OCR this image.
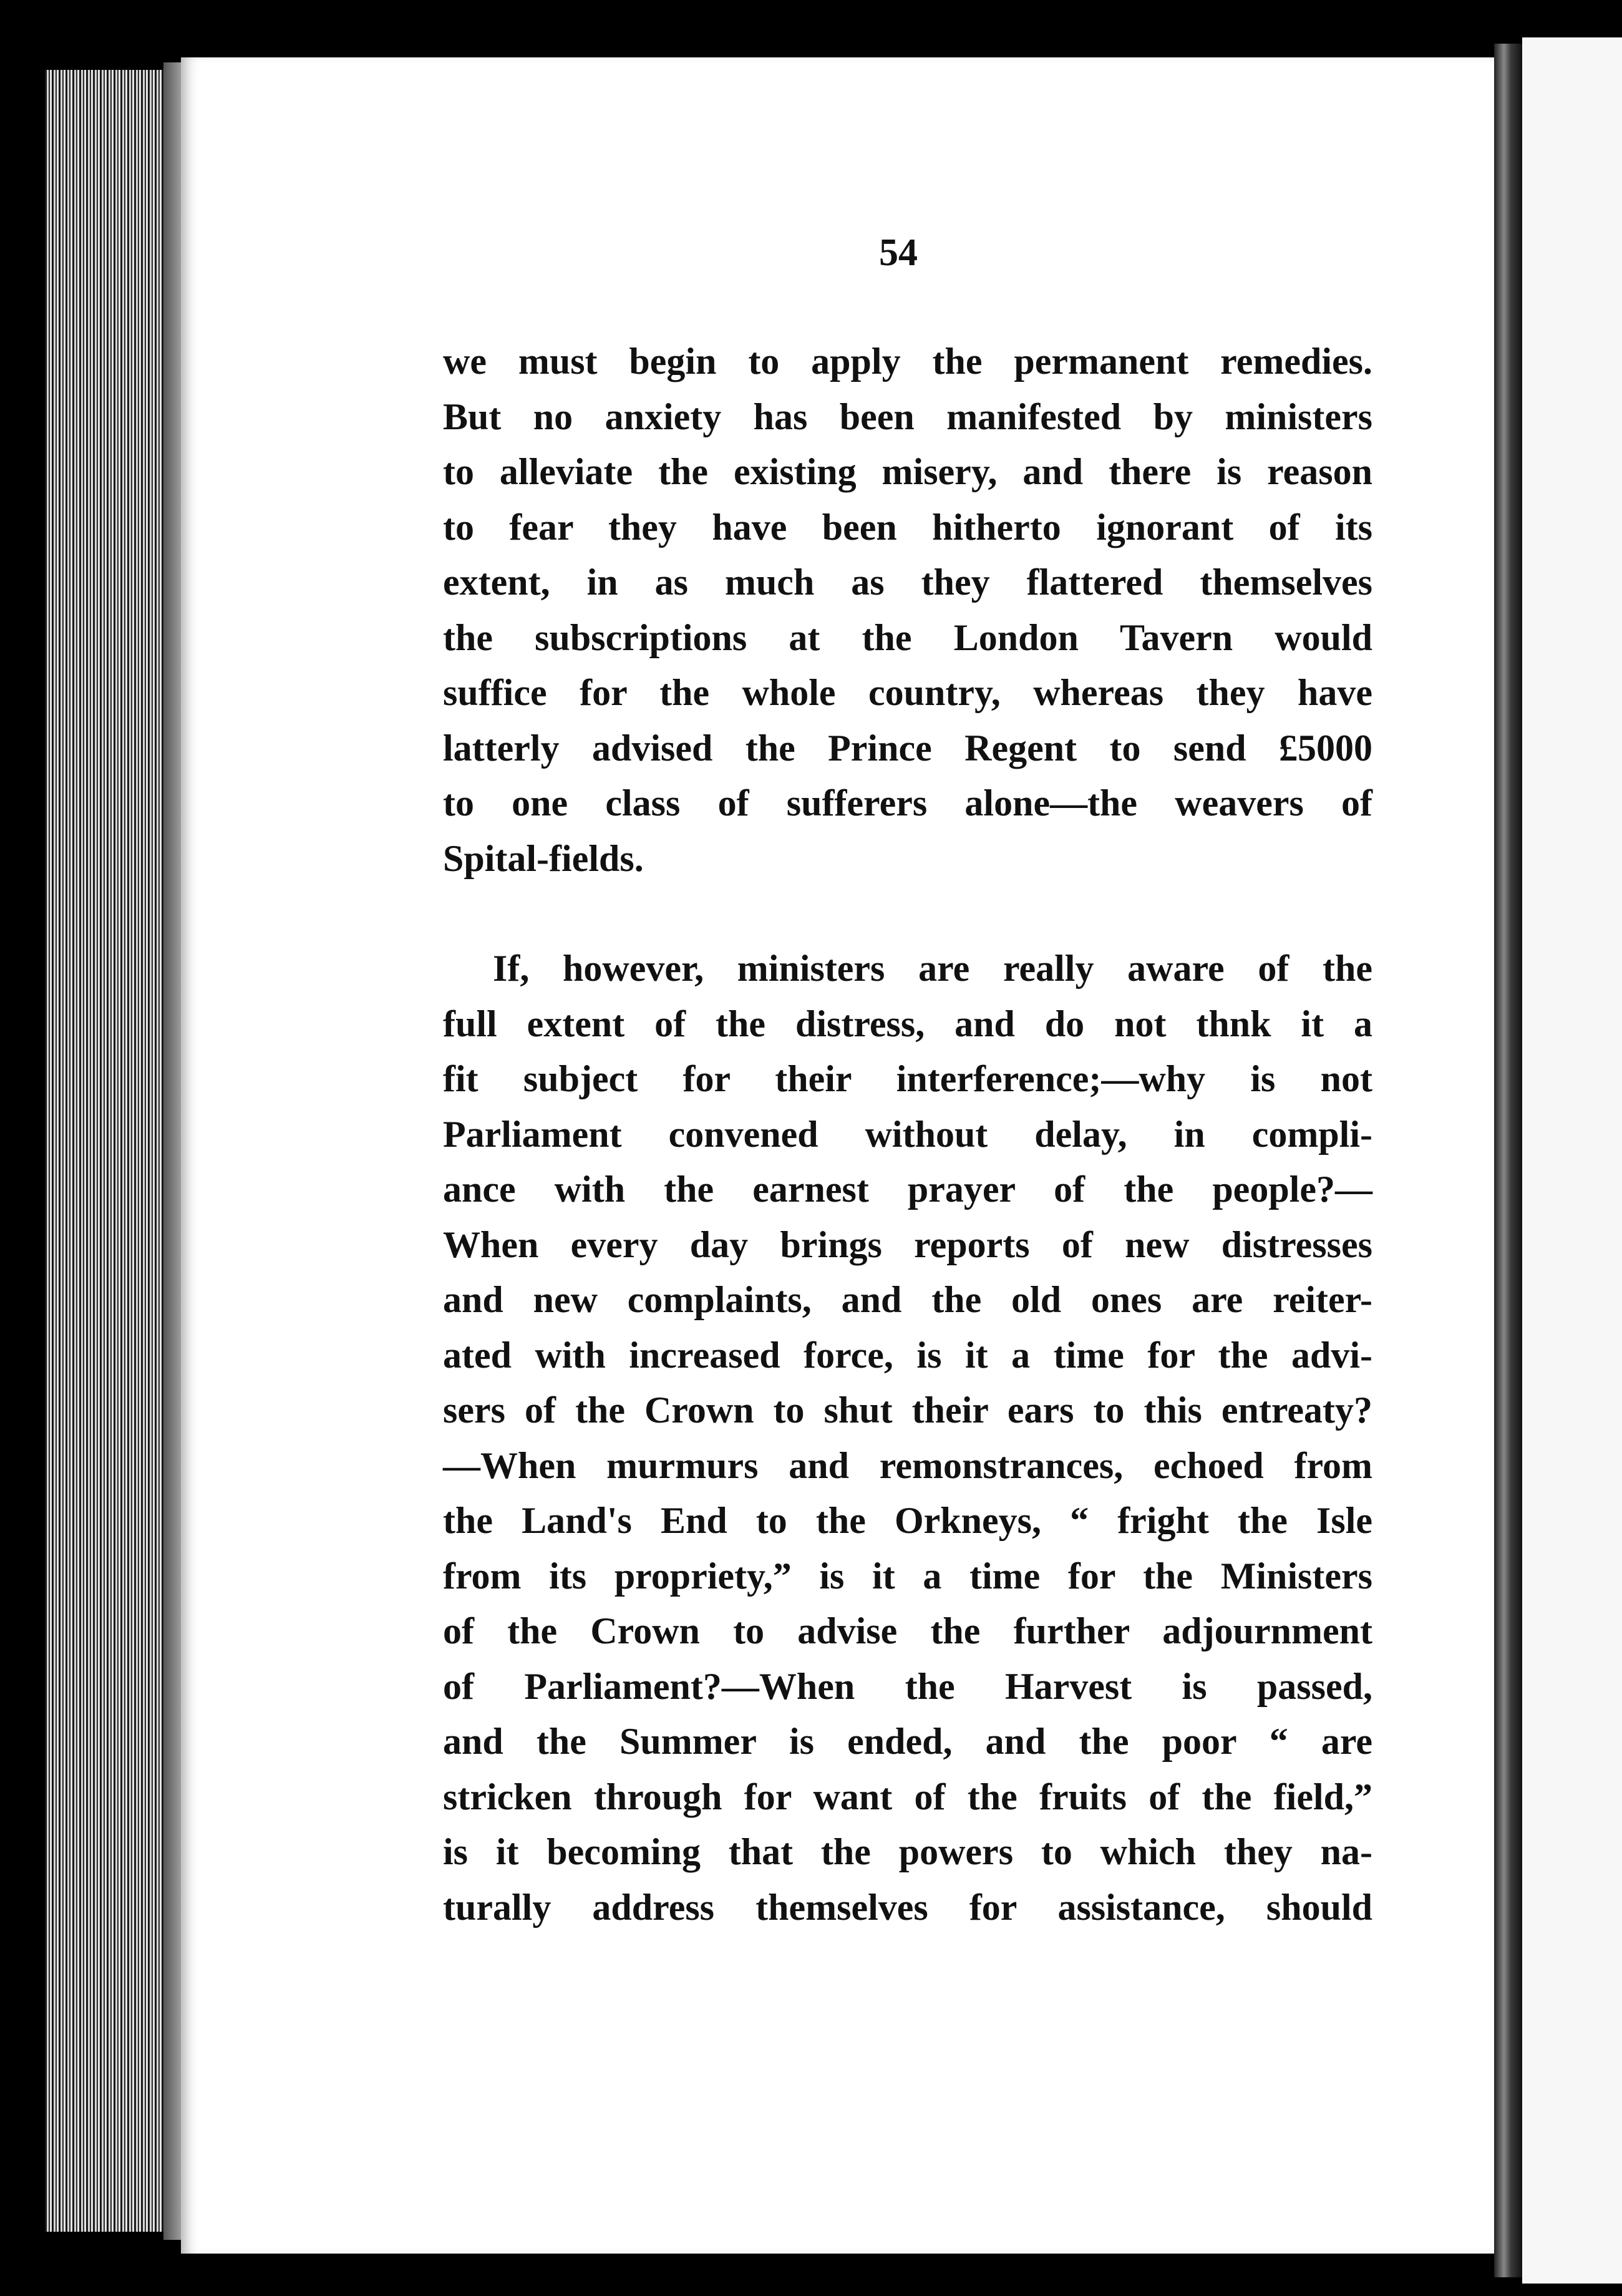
54
we must begin to apply the permanent remedies.
But no anxiety has been manifested by ministers
to alleviate the existing misery, and there is reason
to fear they have been hitherto ignorant of its
extent, in as much as they flattered themselves
the subscriptions at the London Tavern would
suffice for the whole country, whereas they have
latterly advised the Prince Regent to send £5000
to one class of sufferers alone—the weavers of
Spital-fields.
If, however, ministers are really aware of the
full extent of the distress, and do not thnk it a
fit subject for their interference;—why is not
Parliament convened without delay, in compli-
ance with the earnest prayer of the people?—
When every day brings reports of new distresses
and new complaints, and the old ones are reiter-
ated with increased force, is it a time for the advi-
sers of the Crown to shut their ears to this entreaty?
—When murmurs and remonstrances, echoed from
the Land's End to the Orkneys, “ fright the Isle
from its propriety,” is it a time for the Ministers
of the Crown to advise the further adjournment
of Parliament?—When the Harvest is passed,
and the Summer is ended, and the poor “ are
stricken through for want of the fruits of the field,”
is it becoming that the powers to which they na-
turally address themselves for assistance, should
